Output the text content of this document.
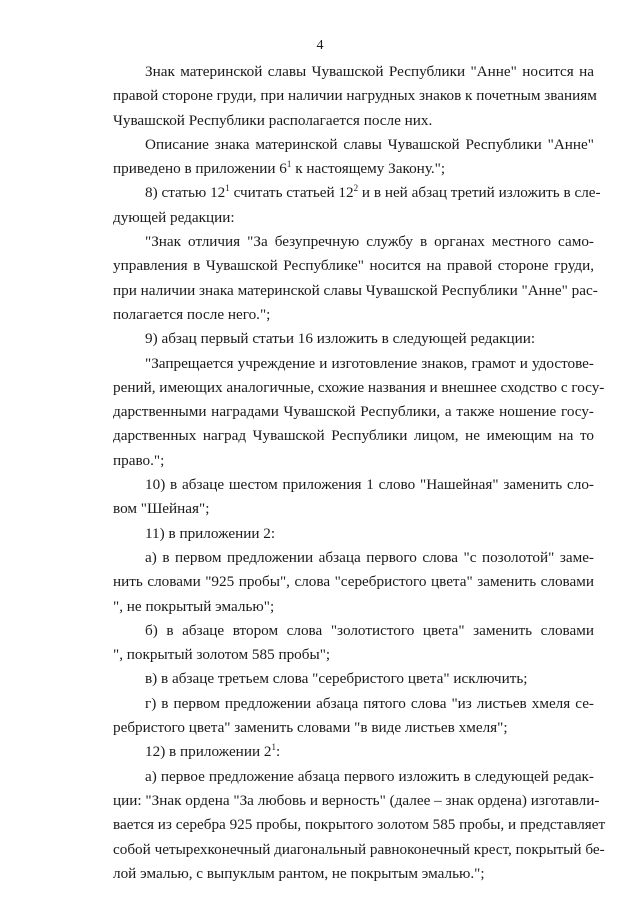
4
Знак материнской славы Чувашской Республики "Анне" носится на
правой стороне груди, при наличии нагрудных знаков к почетным званиям
Чувашской Республики располагается после них.
Описание знака материнской славы Чувашской Республики "Анне"
приведено в приложении $6^1$ к настоящему Закону.";
8) статью $12^1$ считать статьей $12^2$ и в ней абзац третий изложить в сле-
дующей редакции:
"Знак отличия "За безупречную службу в органах местного само-
управления в Чувашской Республике" носится на правой стороне груди,
при наличии знака материнской славы Чувашской Республики "Анне" рас-
полагается после него.";
9) абзац первый статьи 16 изложить в следующей редакции:
"Запрещается учреждение и изготовление знаков, грамот и удостове-
рений, имеющих аналогичные, схожие названия и внешнее сходство с госу-
дарственными наградами Чувашской Республики, а также ношение госу-
дарственных наград Чувашской Республики лицом, не имеющим на то
право.";
10) в абзаце шестом приложения 1 слово "Нашейная" заменить сло-
вом "Шейная";
11) в приложении 2:
а) в первом предложении абзаца первого слова "с позолотой" заме-
нить словами "925 пробы", слова "серебристого цвета" заменить словами
", не покрытый эмалью";
б) в абзаце втором слова "золотистого цвета" заменить словами
", покрытый золотом 585 пробы";
в) в абзаце третьем слова "серебристого цвета" исключить;
г) в первом предложении абзаца пятого слова "из листьев хмеля се-
ребристого цвета" заменить словами "в виде листьев хмеля";
12) в приложении $2^1$:
а) первое предложение абзаца первого изложить в следующей редак-
ции: "Знак ордена "За любовь и верность" (далее – знак ордена) изготавли-
вается из серебра 925 пробы, покрытого золотом 585 пробы, и представляет
собой четырехконечный диагональный равноконечный крест, покрытый бе-
лой эмалью, с выпуклым рантом, не покрытым эмалью.";
